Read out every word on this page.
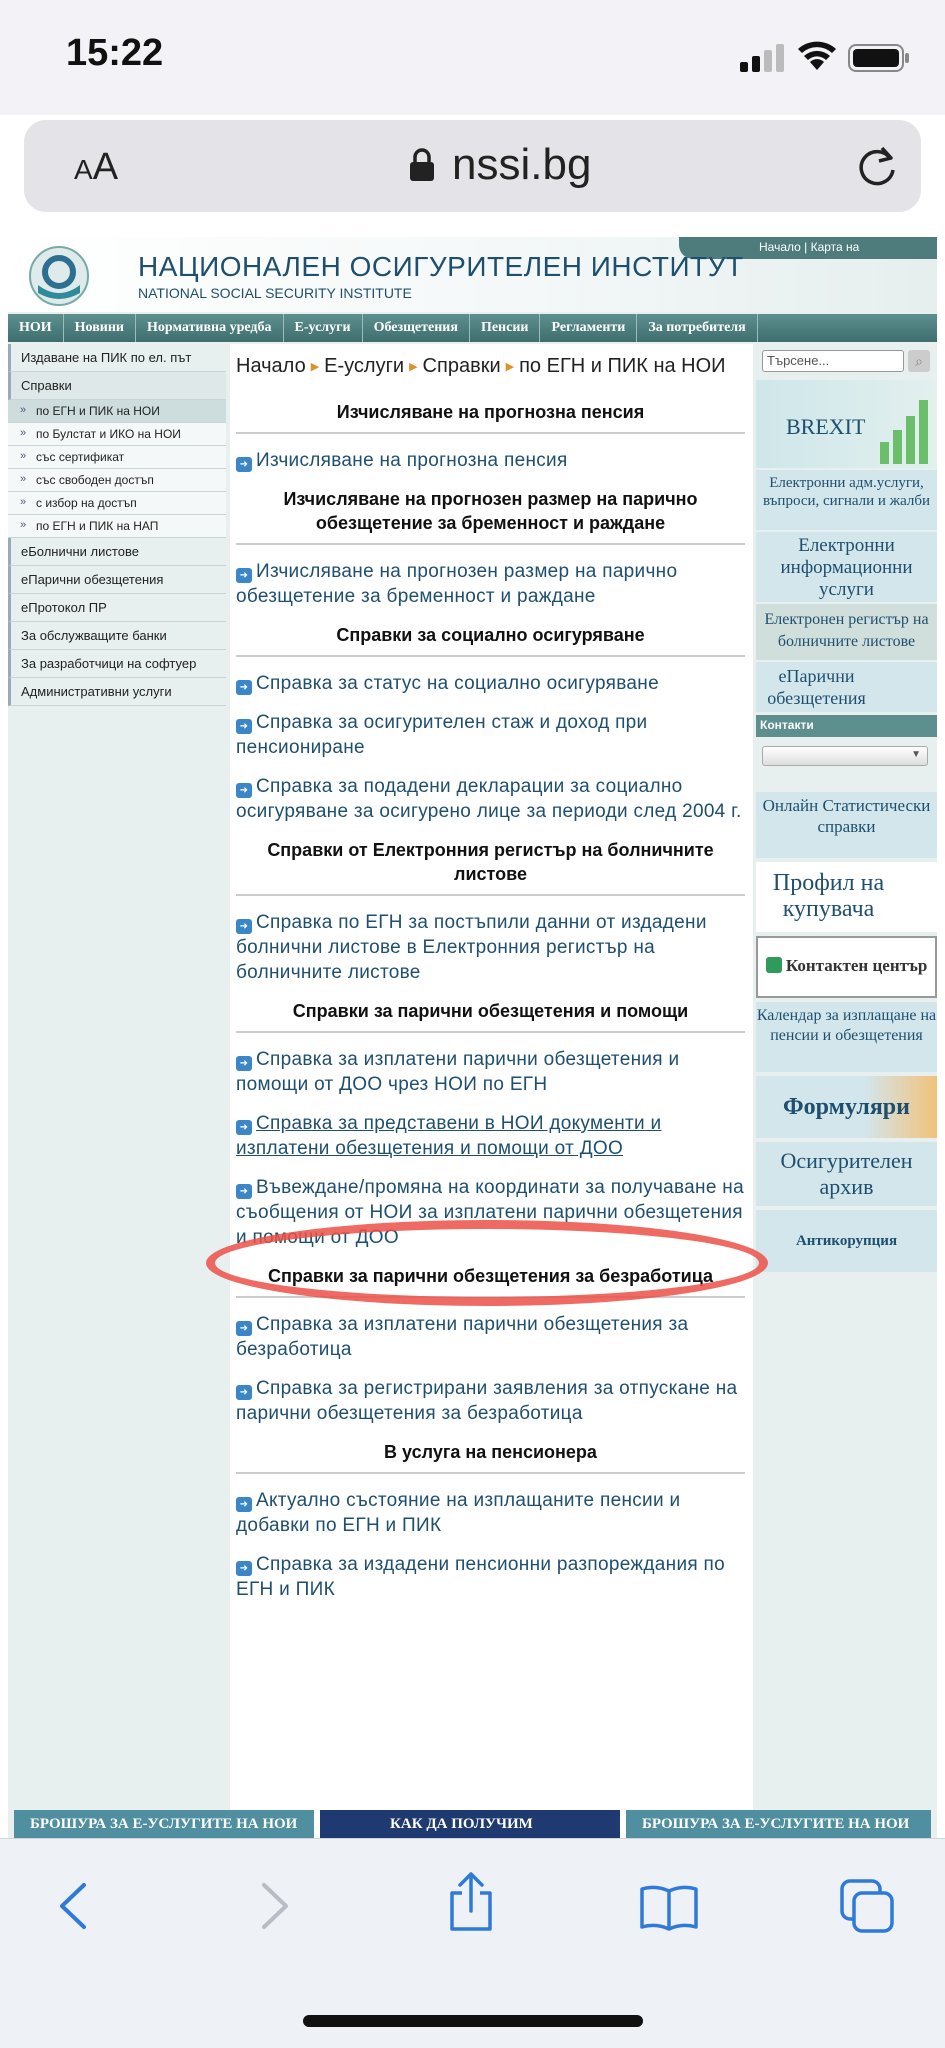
15:22
AA	nssi.bg
Начало | Карта на
НАЦИОНАЛЕН ОСИГУРИТЕЛЕН ИНСТИТУТ
NATIONAL SOCIAL SECURITY INSTITUTE
НОИ	Новини	Нормативна уредба	Е-услуги	Обезщетения	Пенсии	Регламенти	За потребителя
Издаване на ПИК по ел. път
Справки
» по ЕГН и ПИК на НОИ
» по Булстат и ИКО на НОИ
» със сертификат
» със свободен достъп
» с избор на достъп
» по ЕГН и ПИК на НАП
еБолнични листове
еПарични обезщетения
еПротокол ПР
За обслужващите банки
За разработчици на софтуер
Административни услуги
Начало ▶ Е-услуги ▶ Справки ▶ по ЕГН и ПИК на НОИ
Изчисляване на прогнозна пенсия
➜ Изчисляване на прогнозна пенсия
Изчисляване на прогнозен размер на парично обезщетение за бременност и раждане
➜ Изчисляване на прогнозен размер на парично обезщетение за бременност и раждане
Справки за социално осигуряване
➜ Справка за статус на социално осигуряване
➜ Справка за осигурителен стаж и доход при пенсиониране
➜ Справка за подадени декларации за социално осигуряване за осигурено лице за периоди след 2004 г.
Справки от Електронния регистър на болничните листове
➜ Справка по ЕГН за постъпили данни от издадени болнични листове в Електронния регистър на болничните листове
Справки за парични обезщетения и помощи
➜ Справка за изплатени парични обезщетения и помощи от ДОО чрез НОИ по ЕГН
➜ Справка за представени в НОИ документи и изплатени обезщетения и помощи от ДОО
➜ Въвеждане/промяна на координати за получаване на съобщения от НОИ за изплатени парични обезщетения и помощи от ДОО
Справки за парични обезщетения за безработица
➜ Справка за изплатени парични обезщетения за безработица
➜ Справка за регистрирани заявления за отпускане на парични обезщетения за безработица
В услуга на пенсионера
➜ Актуално състояние на изплащаните пенсии и добавки по ЕГН и ПИК
➜ Справка за издадени пенсионни разпореждания по ЕГН и ПИК
Търсене...	⌕
BREXIT
Електронни адм.услуги, въпроси, сигнали и жалби
Електронни информационни услуги
Електронен регистър на болничните листове
еПарични обезщетения
Контакти
▼
Онлайн Статистически справки
Профил на купувача
Контактен център
Календар за изплащане на пенсии и обезщетения
Формуляри
Осигурителен архив
Антикорупция
БРОШУРА ЗА Е-УСЛУГИТЕ НА НОИ	КАК ДА ПОЛУЧИМ	БРОШУРА ЗА Е-УСЛУГИТЕ НА НОИ
